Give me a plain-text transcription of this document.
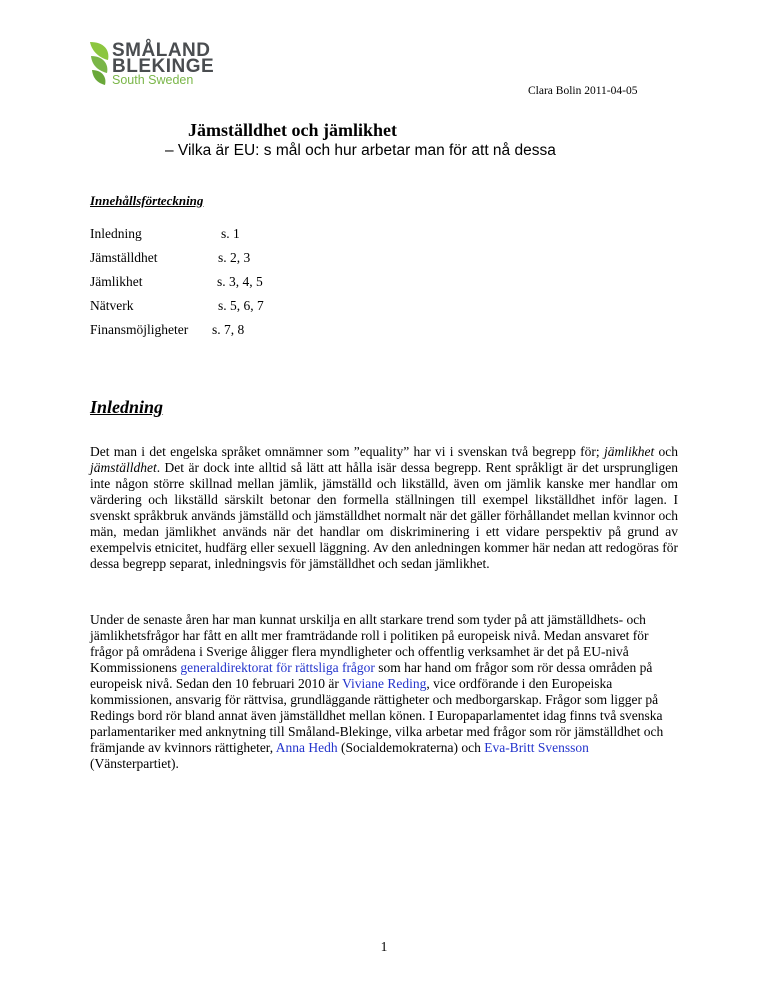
SMÅLAND
BLEKINGE
South Sweden
Clara Bolin 2011-04-05
Jämställdhet och jämlikhet
– Vilka är EU: s mål och hur arbetar man för att nå dessa
Innehållsförteckning
Inledning	s. 1
Jämställdhet	s. 2, 3
Jämlikhet	s. 3, 4, 5
Nätverk	s. 5, 6, 7
Finansmöjligheter s. 7, 8
Inledning
Det man i det engelska språket omnämner som ”equality” har vi i svenskan två begrepp för; jämlikhet och jämställdhet. Det är dock inte alltid så lätt att hålla isär dessa begrepp. Rent språkligt är det ursprungligen inte någon större skillnad mellan jämlik, jämställd och likställd, även om jämlik kanske mer handlar om värdering och likställd särskilt betonar den formella ställningen till exempel likställdhet inför lagen. I svenskt språkbruk används jämställd och jämställdhet normalt när det gäller förhållandet mellan kvinnor och män, medan jämlikhet används när det handlar om diskriminering i ett vidare perspektiv på grund av exempelvis etnicitet, hudfärg eller sexuell läggning. Av den anledningen kommer här nedan att redogöras för dessa begrepp separat, inledningsvis för jämställdhet och sedan jämlikhet.
Under de senaste åren har man kunnat urskilja en allt starkare trend som tyder på att jämställdhets- och jämlikhetsfrågor har fått en allt mer framträdande roll i politiken på europeisk nivå. Medan ansvaret för frågor på områdena i Sverige åligger flera myndligheter och offentlig verksamhet är det på EU-nivå Kommissionens generaldirektorat för rättsliga frågor som har hand om frågor som rör dessa områden på europeisk nivå. Sedan den 10 februari 2010 är Viviane Reding, vice ordförande i den Europeiska kommissionen, ansvarig för rättvisa, grundläggande rättigheter och medborgarskap. Frågor som ligger på Redings bord rör bland annat även jämställdhet mellan könen. I Europaparlamentet idag finns två svenska parlamentariker med anknytning till Småland-Blekinge, vilka arbetar med frågor som rör jämställdhet och främjande av kvinnors rättigheter, Anna Hedh (Socialdemokraterna) och Eva-Britt Svensson (Vänsterpartiet).
1
